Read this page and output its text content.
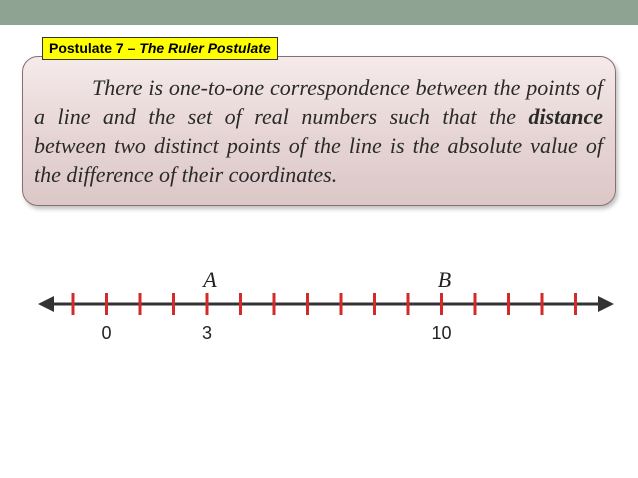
Postulate 7 – The Ruler Postulate

There is one-to-one correspondence between the points of a line and the set of real numbers such that the distance between two distinct points of the line is the absolute value of the difference of their coordinates.

A	B
0	3	10
